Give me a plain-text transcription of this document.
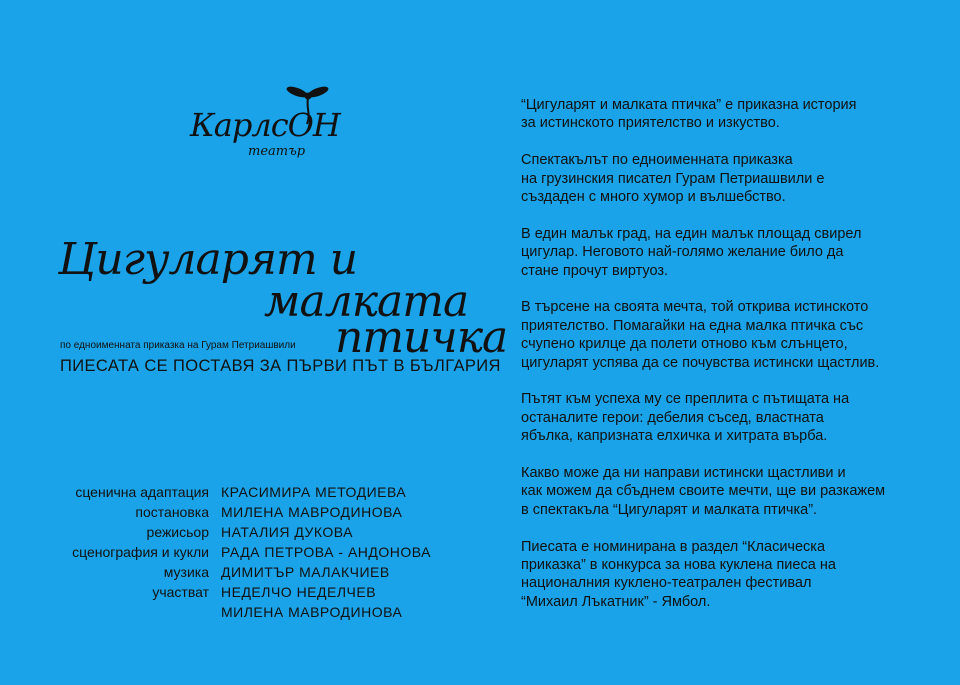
КарлсОН
театър
Цигуларят и
малката
птичка
по едноименната приказка на Гурам Петриашвили
ПИЕСАТА СЕ ПОСТАВЯ ЗА ПЪРВИ ПЪТ В БЪЛГАРИЯ
сценична адаптация КРАСИМИРА МЕТОДИЕВА
постановка МИЛЕНА МАВРОДИНОВА
режисьор НАТАЛИЯ ДУКОВА
сценография и кукли РАДА ПЕТРОВА - АНДОНОВА
музика ДИМИТЪР МАЛАКЧИЕВ
участват НЕДЕЛЧО НЕДЕЛЧЕВ
МИЛЕНА МАВРОДИНОВА

“Цигуларят и малката птичка” е приказна история
за истинското приятелство и изкуство.

Спектакълът по едноименната приказка
на грузинския писател Гурам Петриашвили е
създаден с много хумор и вълшебство.

В един малък град, на един малък площад свирел
цигулар. Неговото най-голямо желание било да
стане прочут виртуоз.

В търсене на своята мечта, той открива истинското
приятелство. Помагайки на една малка птичка със
счупено крилце да полети отново към слънцето,
цигуларят успява да се почувства истински щастлив.

Пътят към успеха му се преплита с пътищата на
останалите герои: дебелия съсед, властната
ябълка, капризната елхичка и хитрата върба.

Какво може да ни направи истински щастливи и
как можем да сбъднем своите мечти, ще ви разкажем
в спектакъла “Цигуларят и малката птичка”.

Пиесата е номинирана в раздел “Класическа
приказка” в конкурса за нова куклена пиеса на
националния куклено-театрален фестивал
“Михаил Лъкатник” - Ямбол.
